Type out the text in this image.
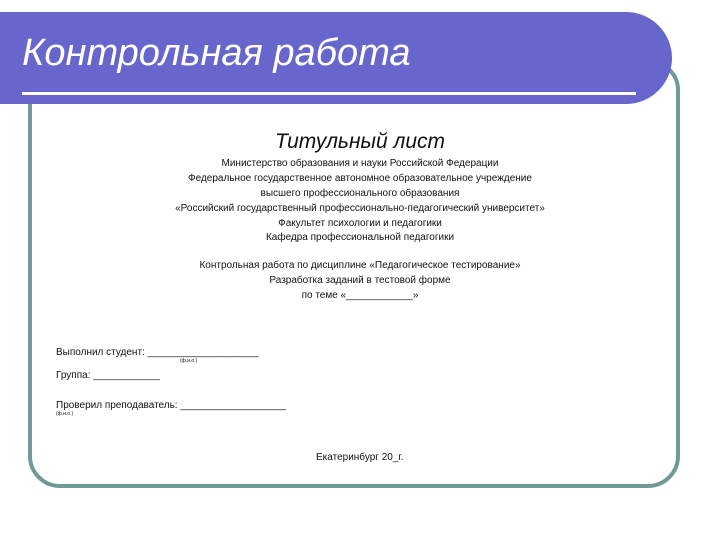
Контрольная работа
Титульный лист

Министерство образования и науки Российской Федерации

Федеральное государственное автономное образовательное учреждение

высшего профессионального образования

«Российский государственный профессионально-педагогический университет»

Факультет психологии и педагогики

Кафедра профессиональной педагогики

Контрольная работа по дисциплине «Педагогическое тестирование»

Разработка заданий в тестовой форме

по теме «____________»

Выполнил студент: ____________________

(ф.и.о.)

Группа: ____________

Проверил преподаватель: ___________________

(ф.и.о.)

Екатеринбург 20_г.
